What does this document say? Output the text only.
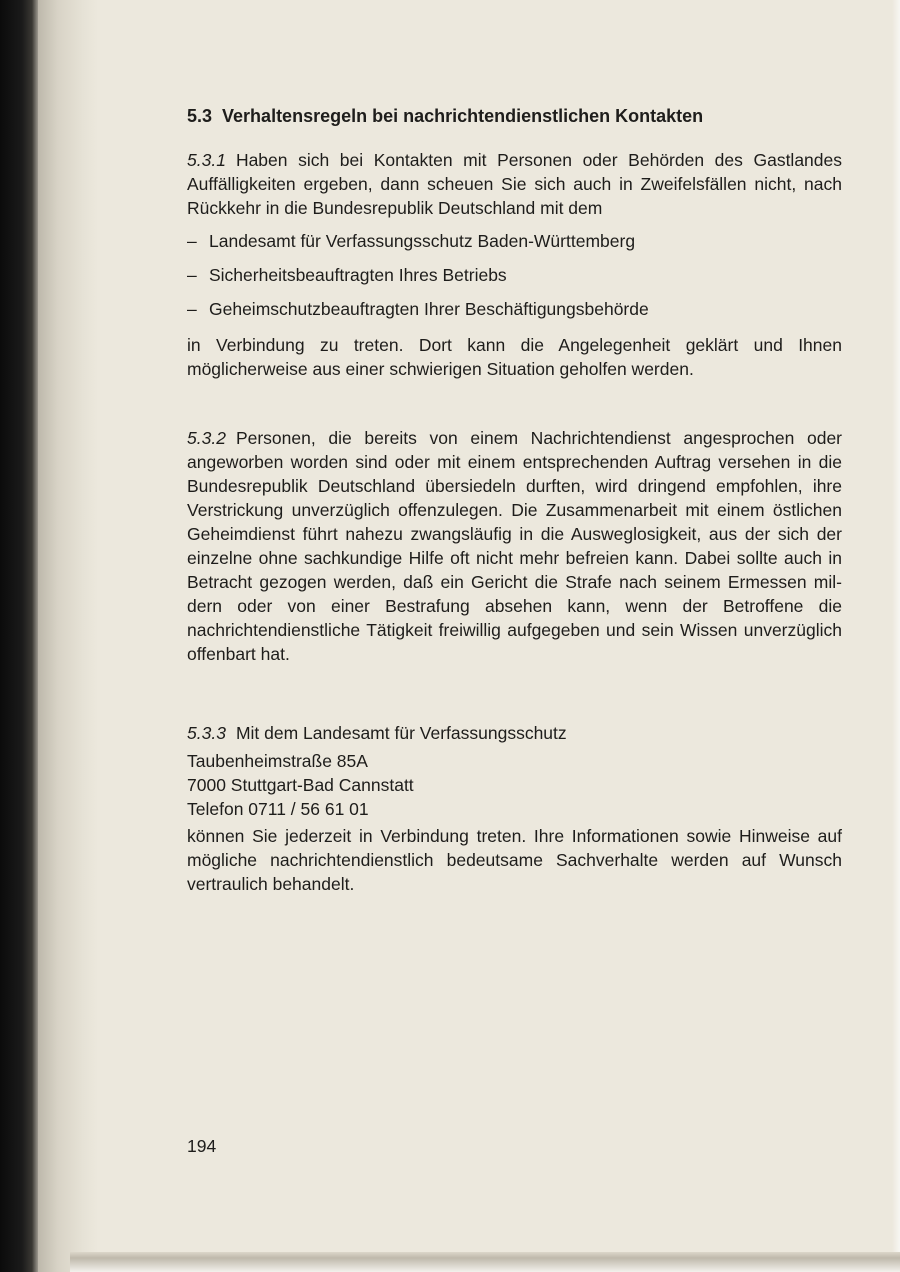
5.3 Verhaltensregeln bei nachrichtendienstlichen Kontakten

5.3.1 Haben sich bei Kontakten mit Personen oder Behörden des Gastlandes Auffälligkeiten ergeben, dann scheuen Sie sich auch in Zweifelsfällen nicht, nach Rückkehr in die Bundesrepublik Deutschland mit dem

– Landesamt für Verfassungsschutz Baden-Württemberg
– Sicherheitsbeauftragten Ihres Betriebs
– Geheimschutzbeauftragten Ihrer Beschäftigungsbehörde

in Verbindung zu treten. Dort kann die Angelegenheit geklärt und Ihnen möglicherweise aus einer schwierigen Situation geholfen werden.

5.3.2 Personen, die bereits von einem Nachrichtendienst angesprochen oder angeworben worden sind oder mit einem entsprechenden Auftrag versehen in die Bundesrepublik Deutschland übersiedeln durften, wird dringend empfohlen, ihre Verstrickung unverzüglich offenzulegen. Die Zusammenarbeit mit einem östlichen Geheimdienst führt nahezu zwangsläufig in die Ausweglosigkeit, aus der sich der einzelne ohne sachkundige Hilfe oft nicht mehr befreien kann. Dabei sollte auch in Betracht gezogen werden, daß ein Gericht die Strafe nach seinem Ermessen mildern oder von einer Bestrafung absehen kann, wenn der Betroffene die nachrichtendienstliche Tätigkeit freiwillig aufgegeben und sein Wissen unverzüglich offenbart hat.

5.3.3 Mit dem Landesamt für Verfassungsschutz

Taubenheimstraße 85A
7000 Stuttgart-Bad Cannstatt
Telefon 0711 / 56 61 01

können Sie jederzeit in Verbindung treten. Ihre Informationen sowie Hinweise auf mögliche nachrichtendienstlich bedeutsame Sachverhalte werden auf Wunsch vertraulich behandelt.

194
